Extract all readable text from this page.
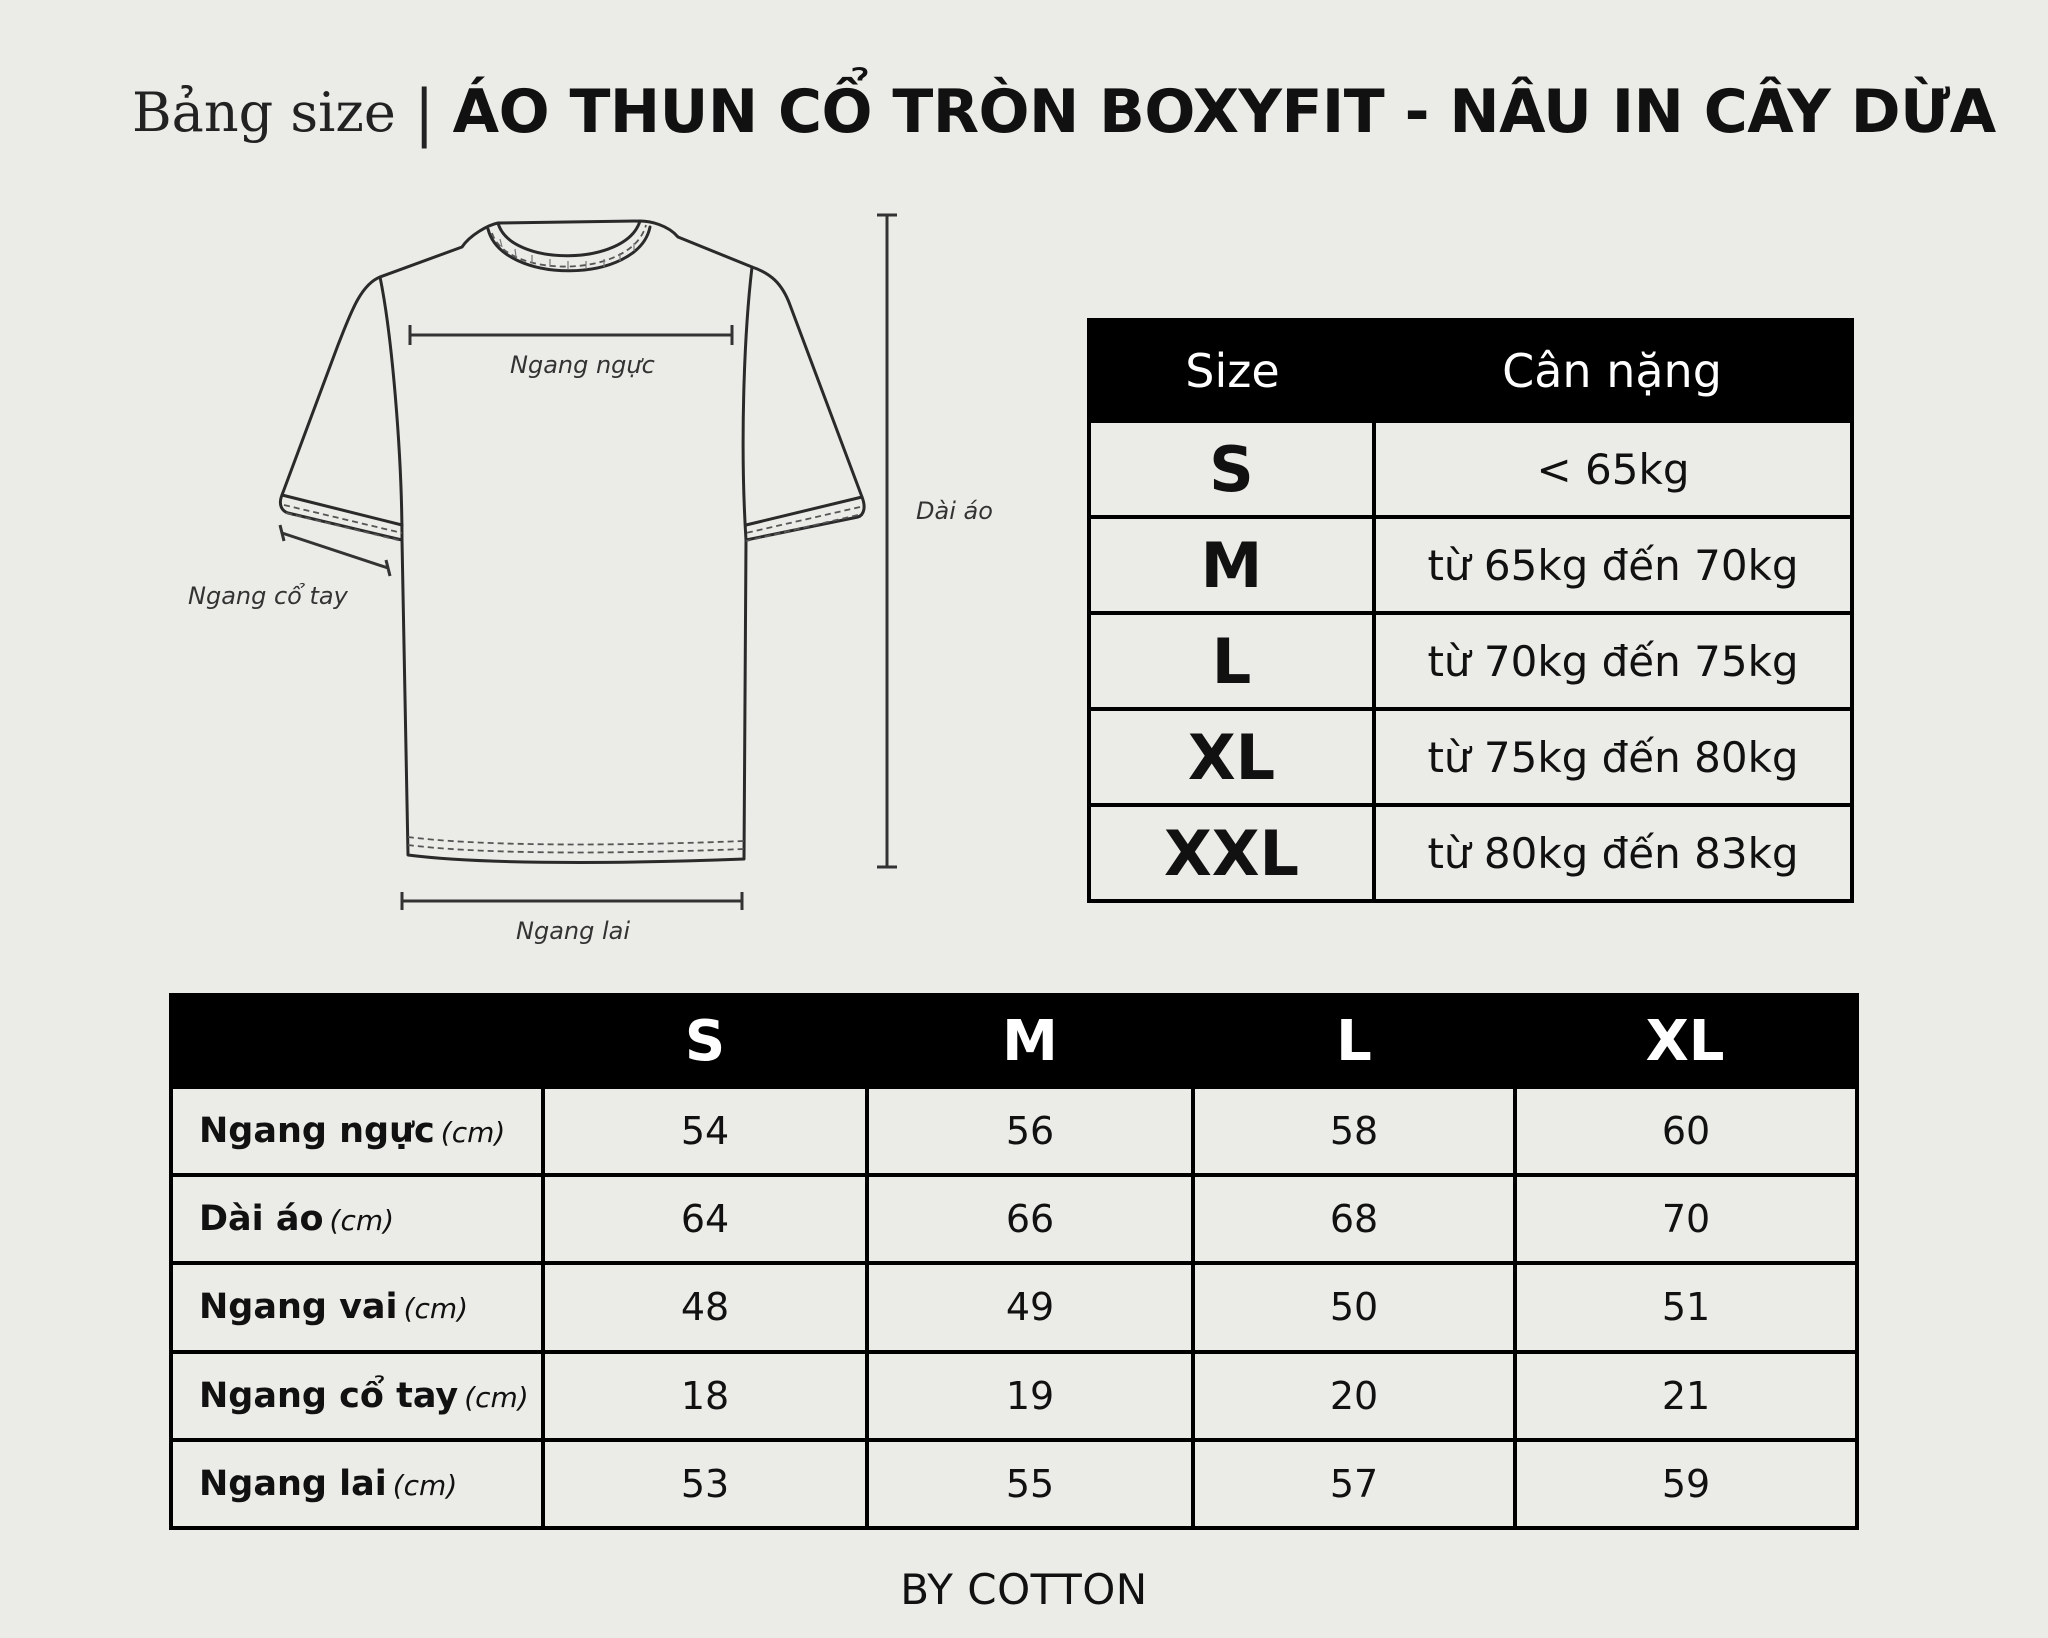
Bảng size | ÁO THUN CỔ TRÒN BOXYFIT - NÂU IN CÂY DỪA
Ngang ngực
Dài áo
Ngang cổ tay
Ngang lai
Size	Cân nặng
S	< 65kg
M	từ 65kg đến 70kg
L	từ 70kg đến 75kg
XL	từ 75kg đến 80kg
XXL	từ 80kg đến 83kg
	S	M	L	XL
Ngang ngực (cm)	54	56	58	60
Dài áo (cm)	64	66	68	70
Ngang vai (cm)	48	49	50	51
Ngang cổ tay (cm)	18	19	20	21
Ngang lai (cm)	53	55	57	59
BY COTTON
